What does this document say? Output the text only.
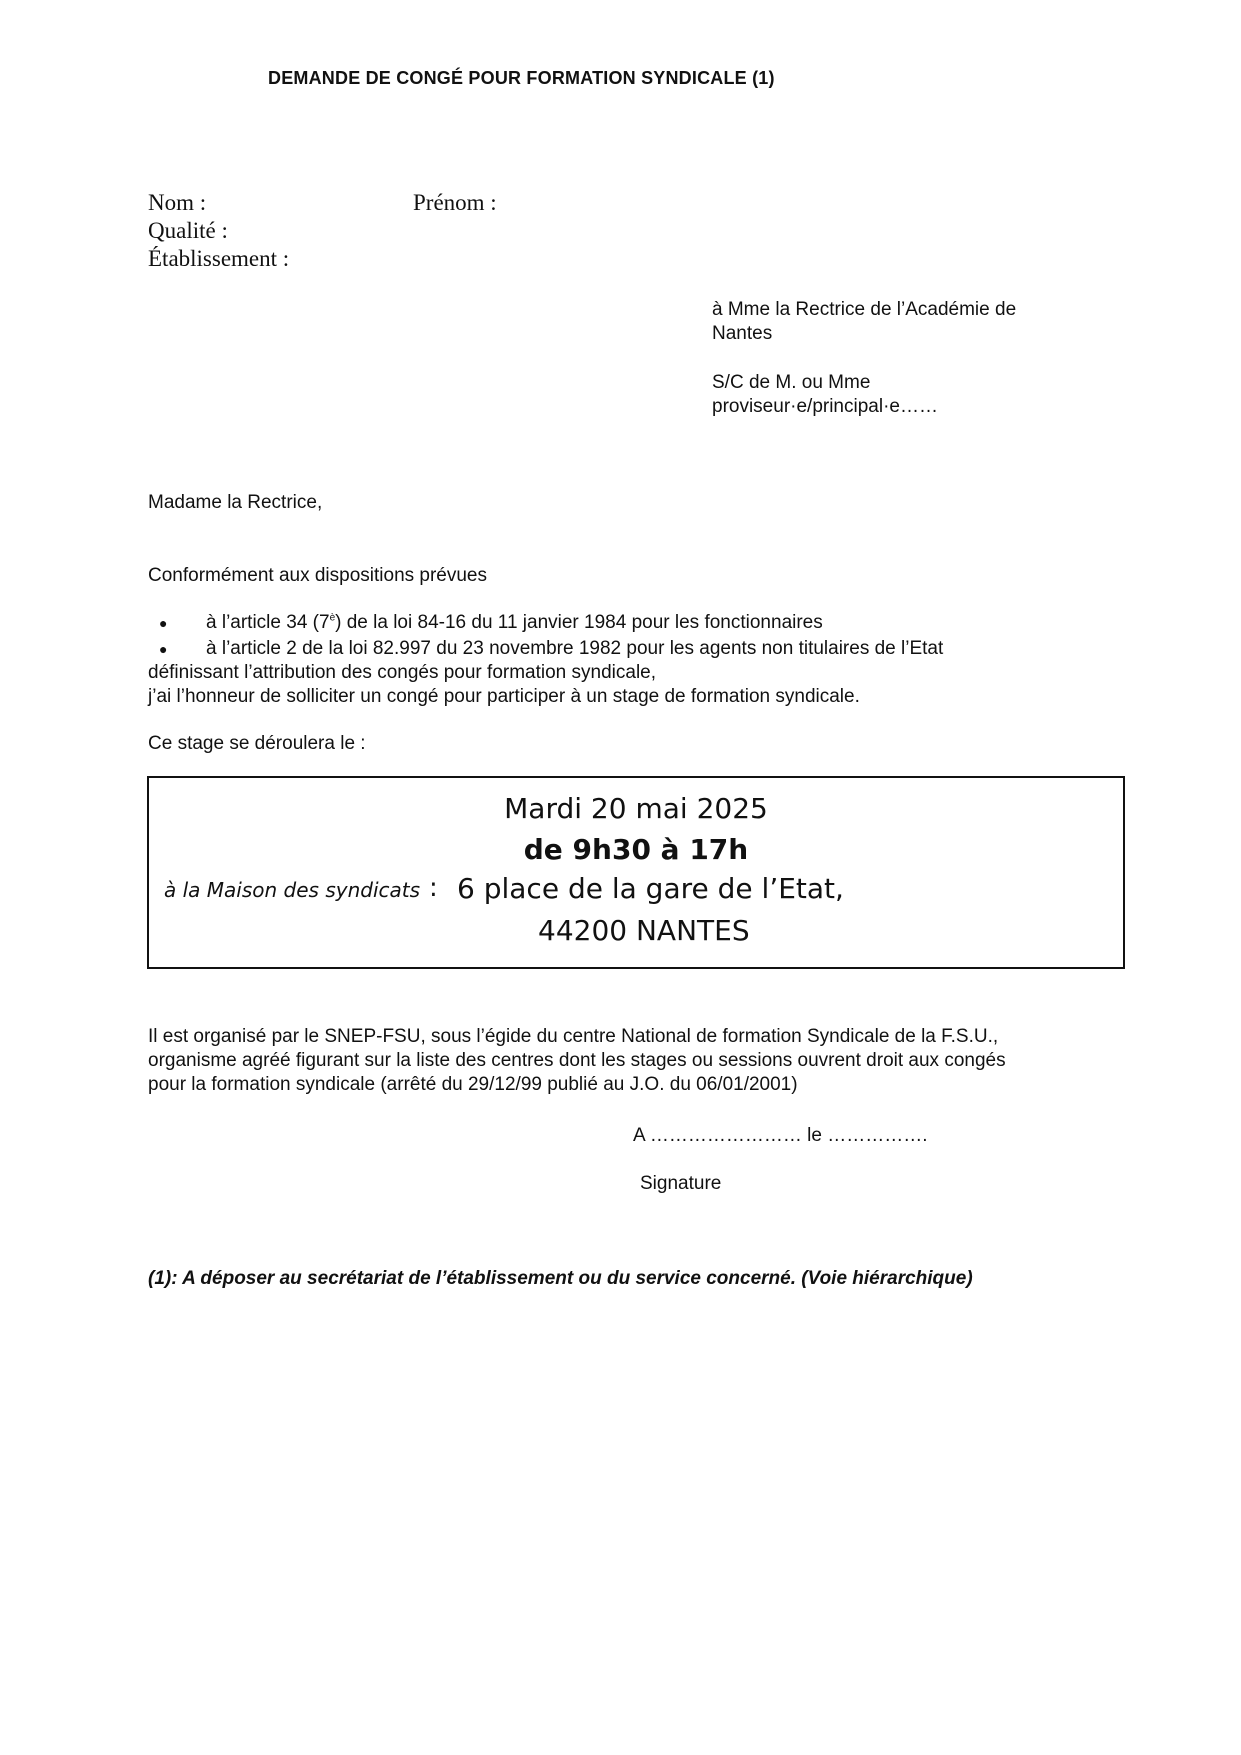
DEMANDE DE CONGÉ POUR FORMATION SYNDICALE (1)
Nom :	Prénom :
Qualité :
Établissement :
à Mme la Rectrice de l’Académie de
Nantes
S/C de M. ou Mme
proviseur·e/principal·e……
Madame la Rectrice,
Conformément aux dispositions prévues
● à l’article 34 $(7^è)$ de la loi 84-16 du 11 janvier 1984 pour les fonctionnaires
● à l’article 2 de la loi 82.997 du 23 novembre 1982 pour les agents non titulaires de l’Etat
définissant l’attribution des congés pour formation syndicale,
j’ai l’honneur de solliciter un congé pour participer à un stage de formation syndicale.
Ce stage se déroulera le :
Mardi 20 mai 2025
de 9h30 à 17h
à la Maison des syndicats : 6 place de la gare de l’Etat,
44200 NANTES
Il est organisé par le SNEP-FSU, sous l’égide du centre National de formation Syndicale de la F.S.U.,
organisme agréé figurant sur la liste des centres dont les stages ou sessions ouvrent droit aux congés
pour la formation syndicale (arrêté du 29/12/99 publié au J.O. du 06/01/2001)
A …………………… le …………….
Signature
(1): A déposer au secrétariat de l’établissement ou du service concerné. (Voie hiérarchique)
